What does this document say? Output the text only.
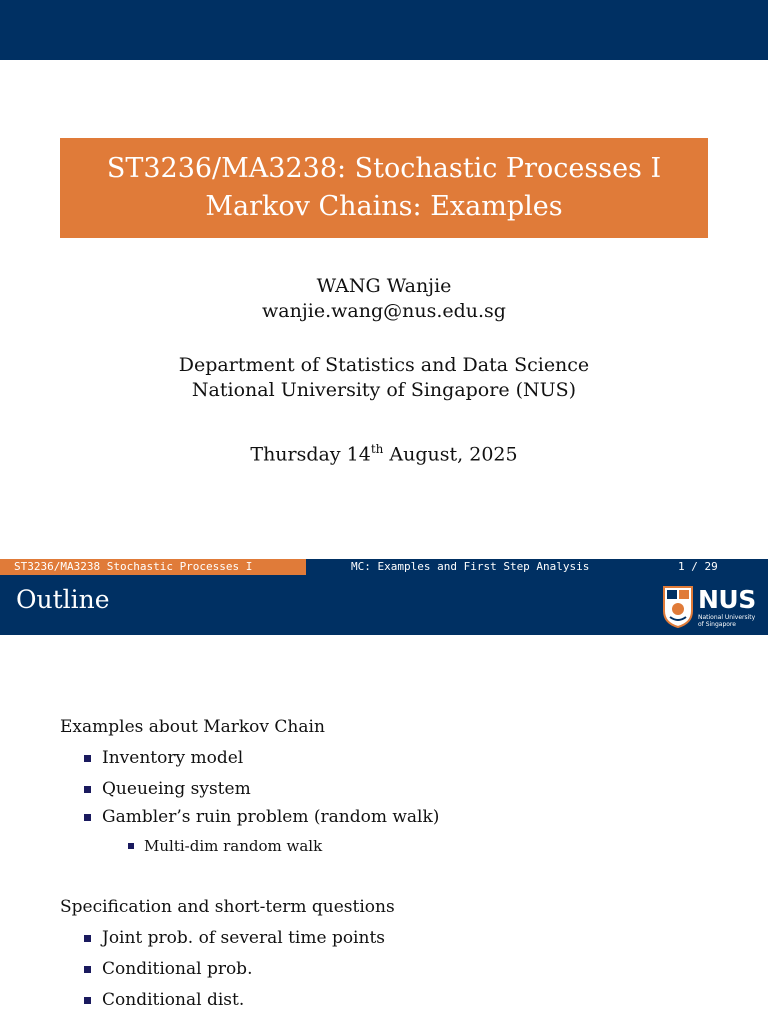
ST3236/MA3238: Stochastic Processes I
Markov Chains: Examples
WANG Wanjie
wanjie.wang@nus.edu.sg
Department of Statistics and Data Science
National University of Singapore (NUS)
Thursday 14th August, 2025
ST3236/MA3238 Stochastic Processes I	MC: Examples and First Step Analysis	1 / 29
Outline	NUS
National University
of Singapore

Examples about Markov Chain

Inventory model
Queueing system
Gambler’s ruin problem (random walk)
Multi-dim random walk

Specification and short-term questions

Joint prob. of several time points
Conditional prob.
Conditional dist.
